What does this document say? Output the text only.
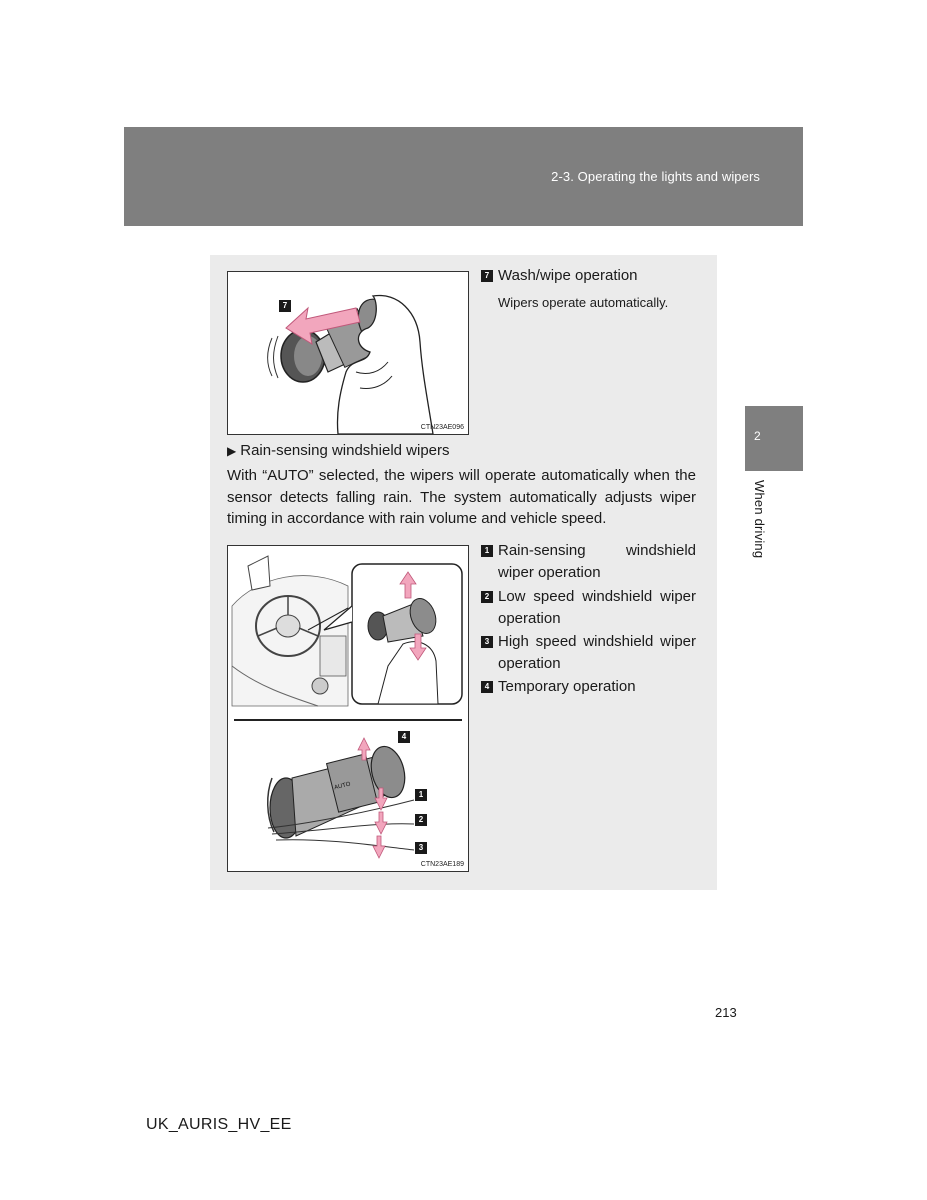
2-3. Operating the lights and wipers
2
When driving
7
CTN23AE096
7 Wash/wipe operation
Wipers operate automatically.
▶ Rain-sensing windshield wipers
With “AUTO” selected, the wipers will operate automatically when the sensor detects falling rain. The system automatically adjusts wiper timing in accordance with rain volume and vehicle speed.
AUTO
4
1
2
3
CTN23AE189
1 Rain-sensing windshield wiper operation
2 Low speed windshield wiper operation
3 High speed windshield wiper operation
4 Temporary operation
213
UK_AURIS_HV_EE
